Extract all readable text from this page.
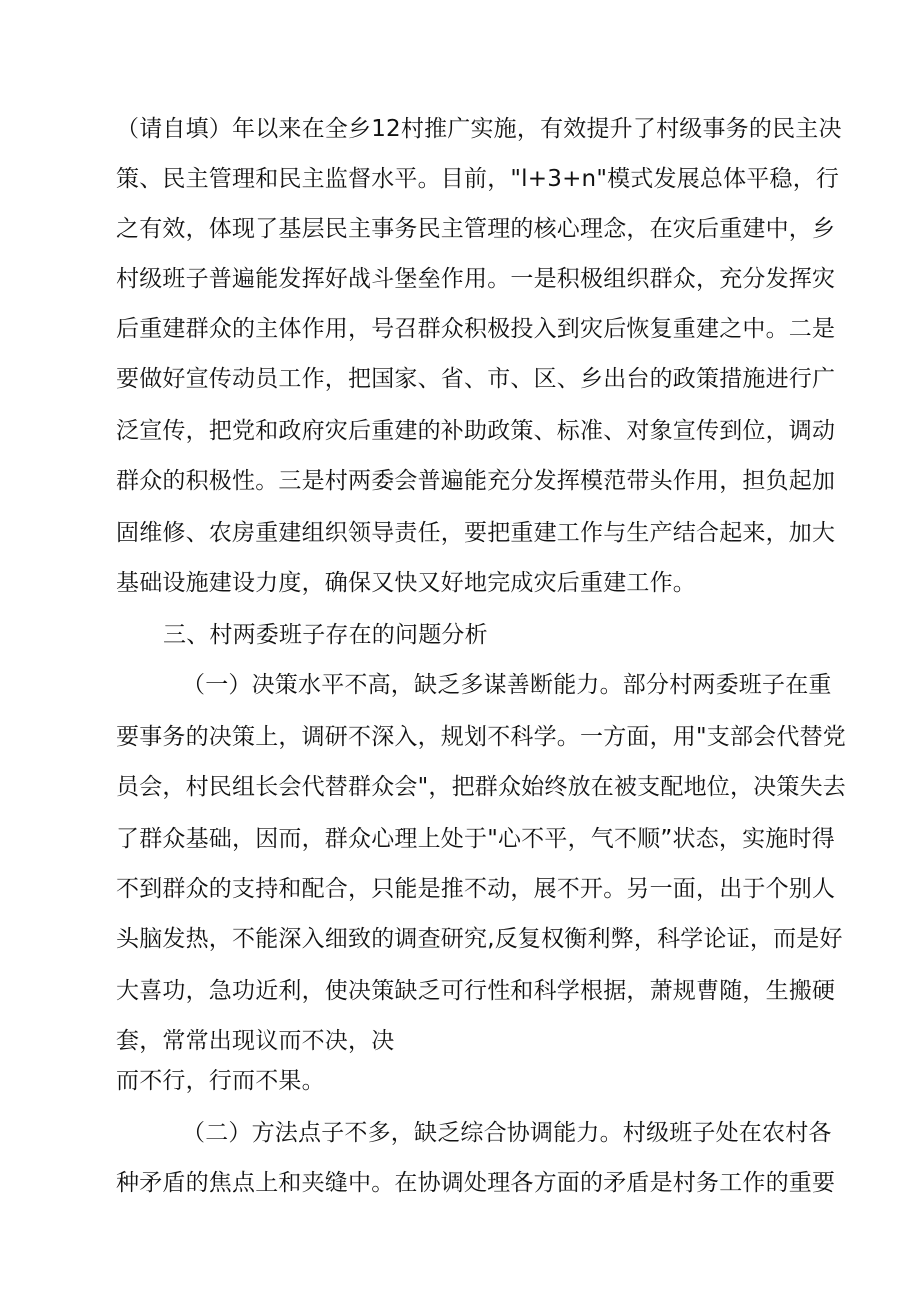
（请自填）年以来在全乡12村推广实施，有效提升了村级事务的民主决
策、民主管理和民主监督水平。目前，"l+3+n"模式发展总体平稳，行
之有效，体现了基层民主事务民主管理的核心理念，在灾后重建中，乡
村级班子普遍能发挥好战斗堡垒作用。一是积极组织群众，充分发挥灾
后重建群众的主体作用，号召群众积极投入到灾后恢复重建之中。二是
要做好宣传动员工作，把国家、省、市、区、乡出台的政策措施进行广
泛宣传，把党和政府灾后重建的补助政策、标准、对象宣传到位，调动
群众的积极性。三是村两委会普遍能充分发挥模范带头作用，担负起加
固维修、农房重建组织领导责任，要把重建工作与生产结合起来，加大
基础设施建设力度，确保又快又好地完成灾后重建工作。
三、村两委班子存在的问题分析
（一）决策水平不高，缺乏多谋善断能力。部分村两委班子在重
要事务的决策上，调研不深入，规划不科学。一方面，用"支部会代替党
员会，村民组长会代替群众会"，把群众始终放在被支配地位，决策失去
了群众基础，因而，群众心理上处于"心不平，气不顺”状态，实施时得
不到群众的支持和配合，只能是推不动，展不开。另一面，出于个别人
头脑发热，不能深入细致的调查研究,反复权衡利弊，科学论证，而是好
大喜功，急功近利，使决策缺乏可行性和科学根据，萧规曹随，生搬硬
套，常常出现议而不决，决
而不行，行而不果。
（二）方法点子不多，缺乏综合协调能力。村级班子处在农村各
种矛盾的焦点上和夹缝中。在协调处理各方面的矛盾是村务工作的重要
